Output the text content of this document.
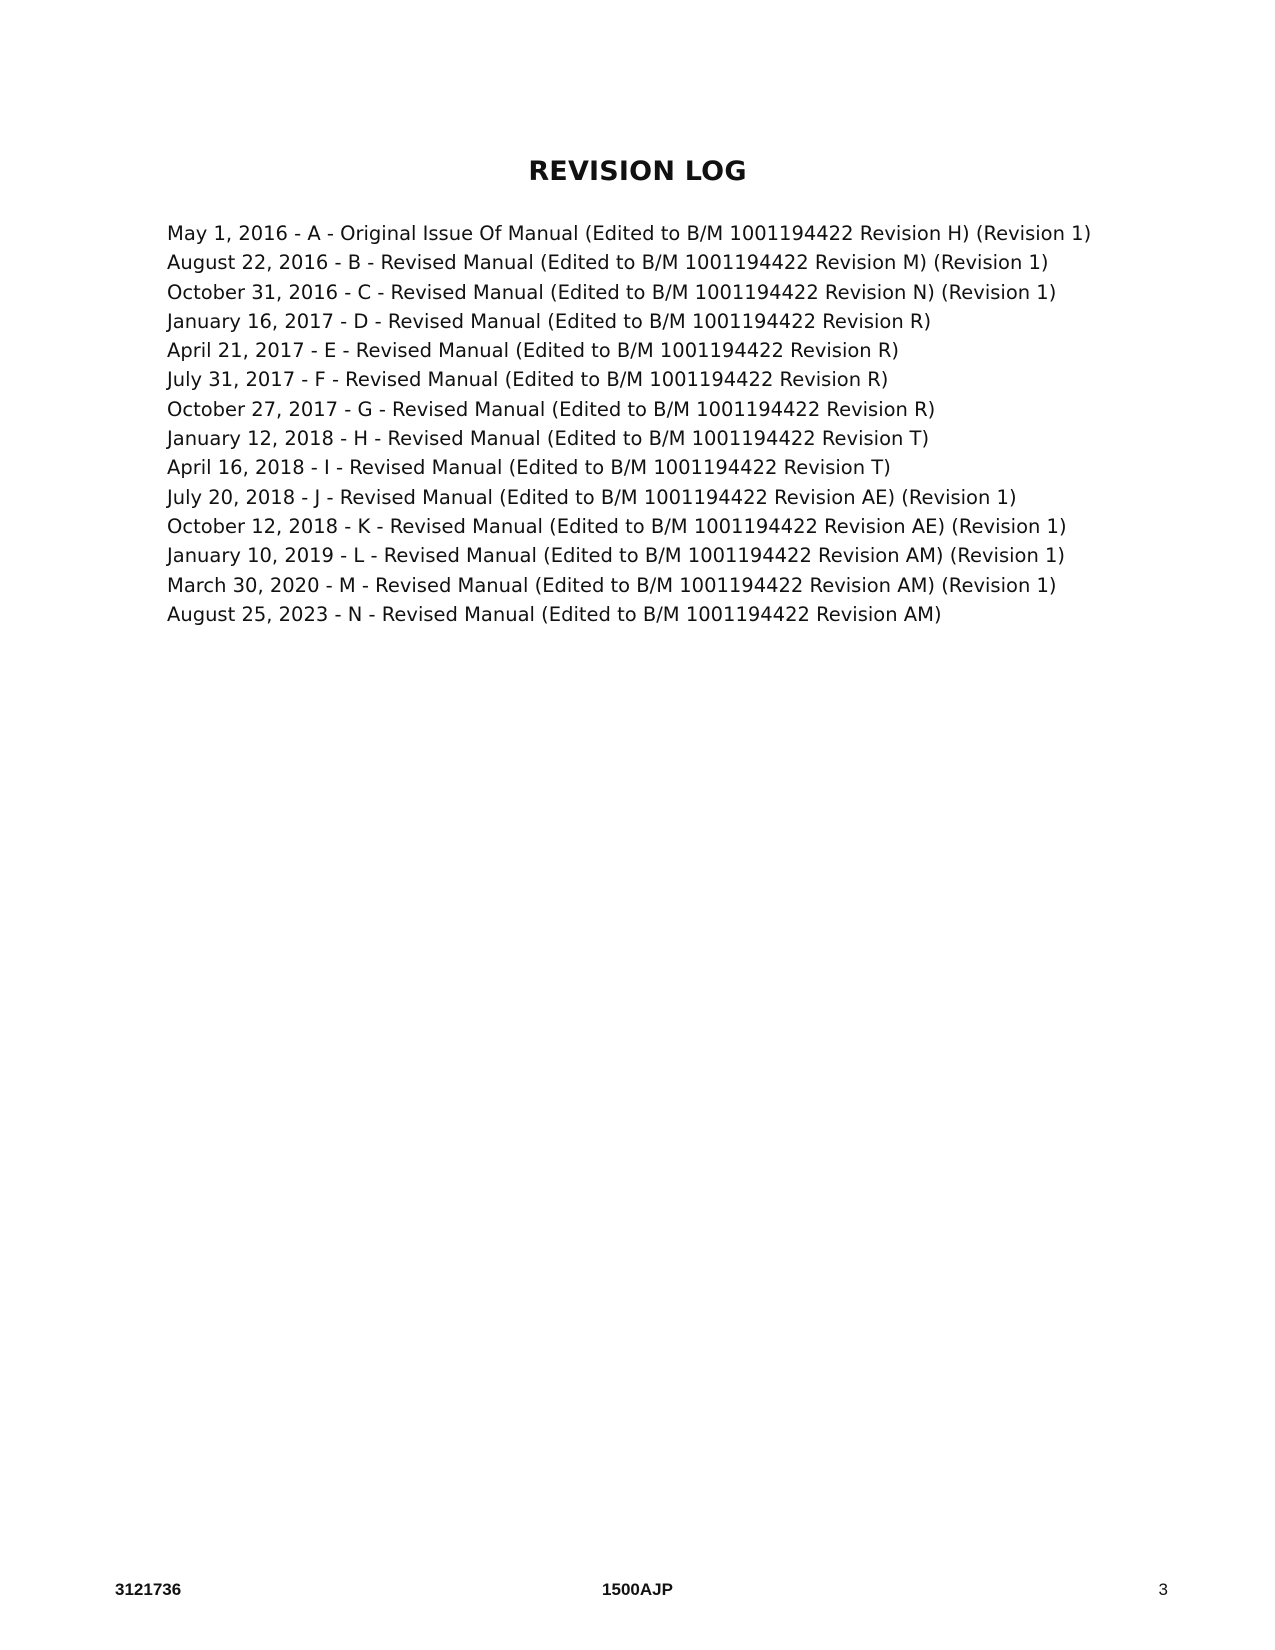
REVISION LOG
May 1, 2016 - A - Original Issue Of Manual (Edited to B/M 1001194422 Revision H) (Revision 1)
August 22, 2016 - B - Revised Manual (Edited to B/M 1001194422 Revision M) (Revision 1)
October 31, 2016 - C - Revised Manual (Edited to B/M 1001194422 Revision N) (Revision 1)
January 16, 2017 - D - Revised Manual (Edited to B/M 1001194422 Revision R)
April 21, 2017 - E - Revised Manual (Edited to B/M 1001194422 Revision R)
July 31, 2017 - F - Revised Manual (Edited to B/M 1001194422 Revision R)
October 27, 2017 - G - Revised Manual (Edited to B/M 1001194422 Revision R)
January 12, 2018 - H - Revised Manual (Edited to B/M 1001194422 Revision T)
April 16, 2018 - I - Revised Manual (Edited to B/M 1001194422 Revision T)
July 20, 2018 - J - Revised Manual (Edited to B/M 1001194422 Revision AE) (Revision 1)
October 12, 2018 - K - Revised Manual (Edited to B/M 1001194422 Revision AE) (Revision 1)
January 10, 2019 - L - Revised Manual (Edited to B/M 1001194422 Revision AM) (Revision 1)
March 30, 2020 - M - Revised Manual (Edited to B/M 1001194422 Revision AM) (Revision 1)
August 25, 2023 - N - Revised Manual (Edited to B/M 1001194422 Revision AM)
3121736	1500AJP	3
